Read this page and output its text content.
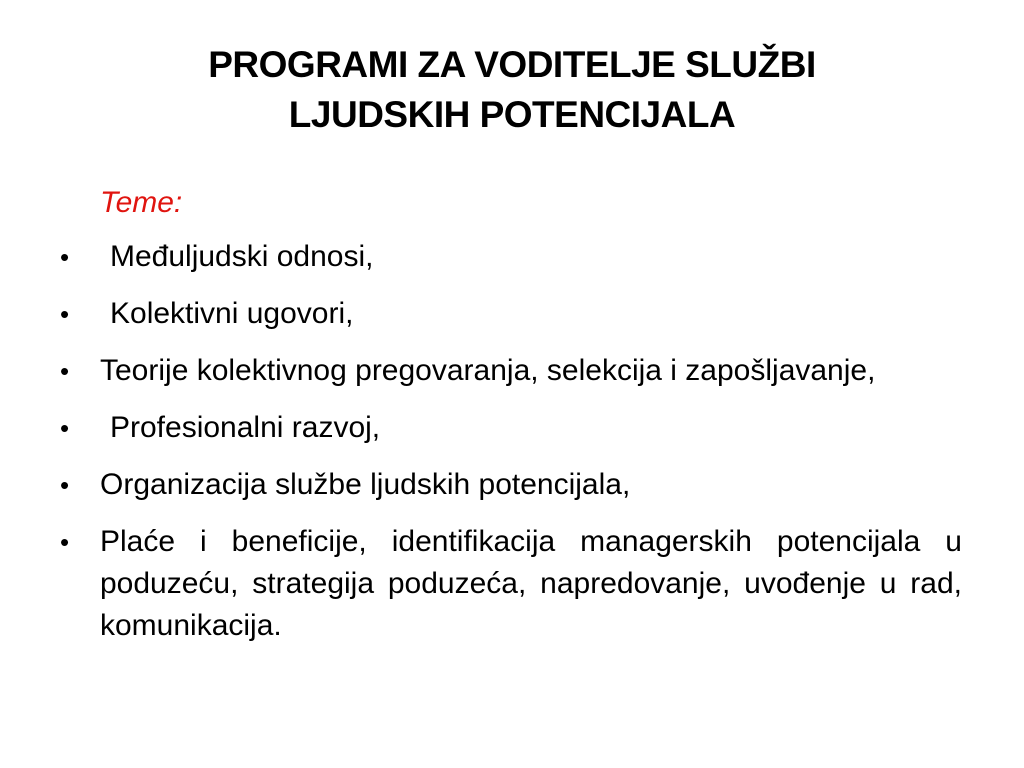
PROGRAMI ZA VODITELJE SLUŽBI
LJUDSKIH POTENCIJALA
Teme:
•	Međuljudski odnosi,
•	Kolektivni ugovori,
• Teorije kolektivnog pregovaranja, selekcija i zapošljavanje,
•	Profesionalni razvoj,
• Organizacija službe ljudskih potencijala,
• Plaće i beneficije, identifikacija managerskih potencijala u poduzeću, strategija poduzeća, napredovanje, uvođenje u rad, komunikacija.
